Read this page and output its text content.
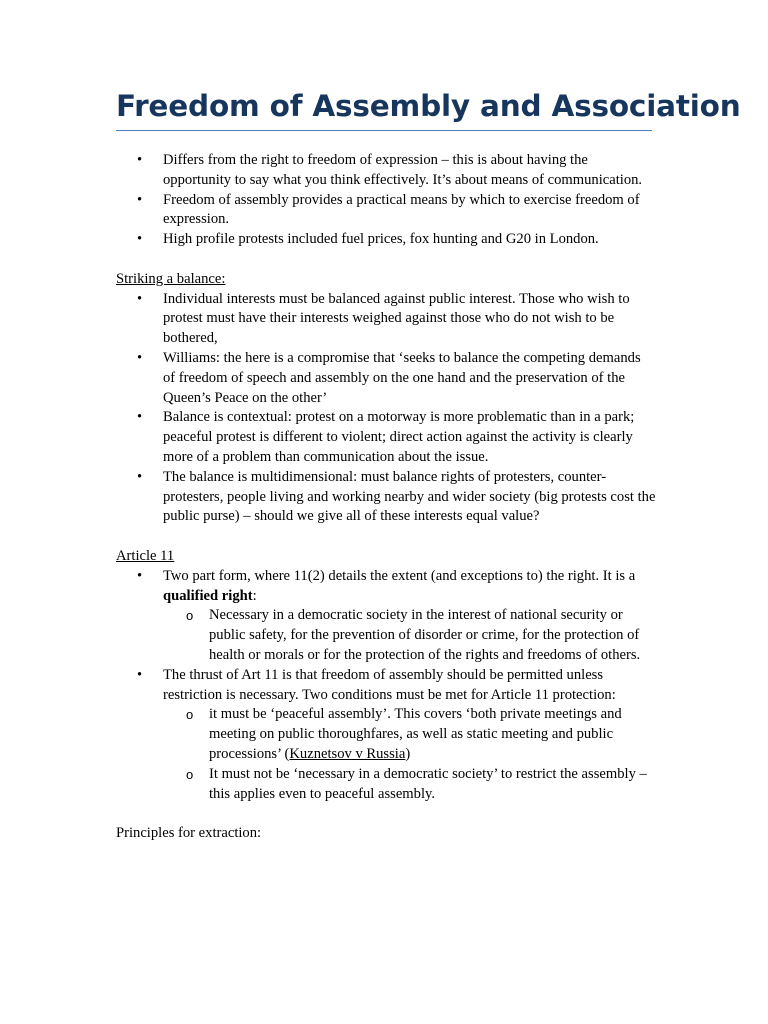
Freedom of Assembly and Association
• Differs from the right to freedom of expression – this is about having the opportunity to say what you think effectively. It’s about means of communication.
• Freedom of assembly provides a practical means by which to exercise freedom of expression.
• High profile protests included fuel prices, fox hunting and G20 in London.

Striking a balance:

• Individual interests must be balanced against public interest. Those who wish to protest must have their interests weighed against those who do not wish to be bothered,
• Williams: the here is a compromise that ‘seeks to balance the competing demands of freedom of speech and assembly on the one hand and the preservation of the Queen’s Peace on the other’
• Balance is contextual: protest on a motorway is more problematic than in a park; peaceful protest is different to violent; direct action against the activity is clearly more of a problem than communication about the issue.
• The balance is multidimensional: must balance rights of protesters, counter-protesters, people living and working nearby and wider society (big protests cost the public purse) – should we give all of these interests equal value?

Article 11

• Two part form, where 11(2) details the extent (and exceptions to) the right. It is a qualified right:
o Necessary in a democratic society in the interest of national security or public safety, for the prevention of disorder or crime, for the protection of health or morals or for the protection of the rights and freedoms of others.
• The thrust of Art 11 is that freedom of assembly should be permitted unless restriction is necessary. Two conditions must be met for Article 11 protection:
o it must be ‘peaceful assembly’. This covers ‘both private meetings and meeting on public thoroughfares, as well as static meeting and public processions’ (Kuznetsov v Russia)
o It must not be ‘necessary in a democratic society’ to restrict the assembly – this applies even to peaceful assembly.

Principles for extraction:
